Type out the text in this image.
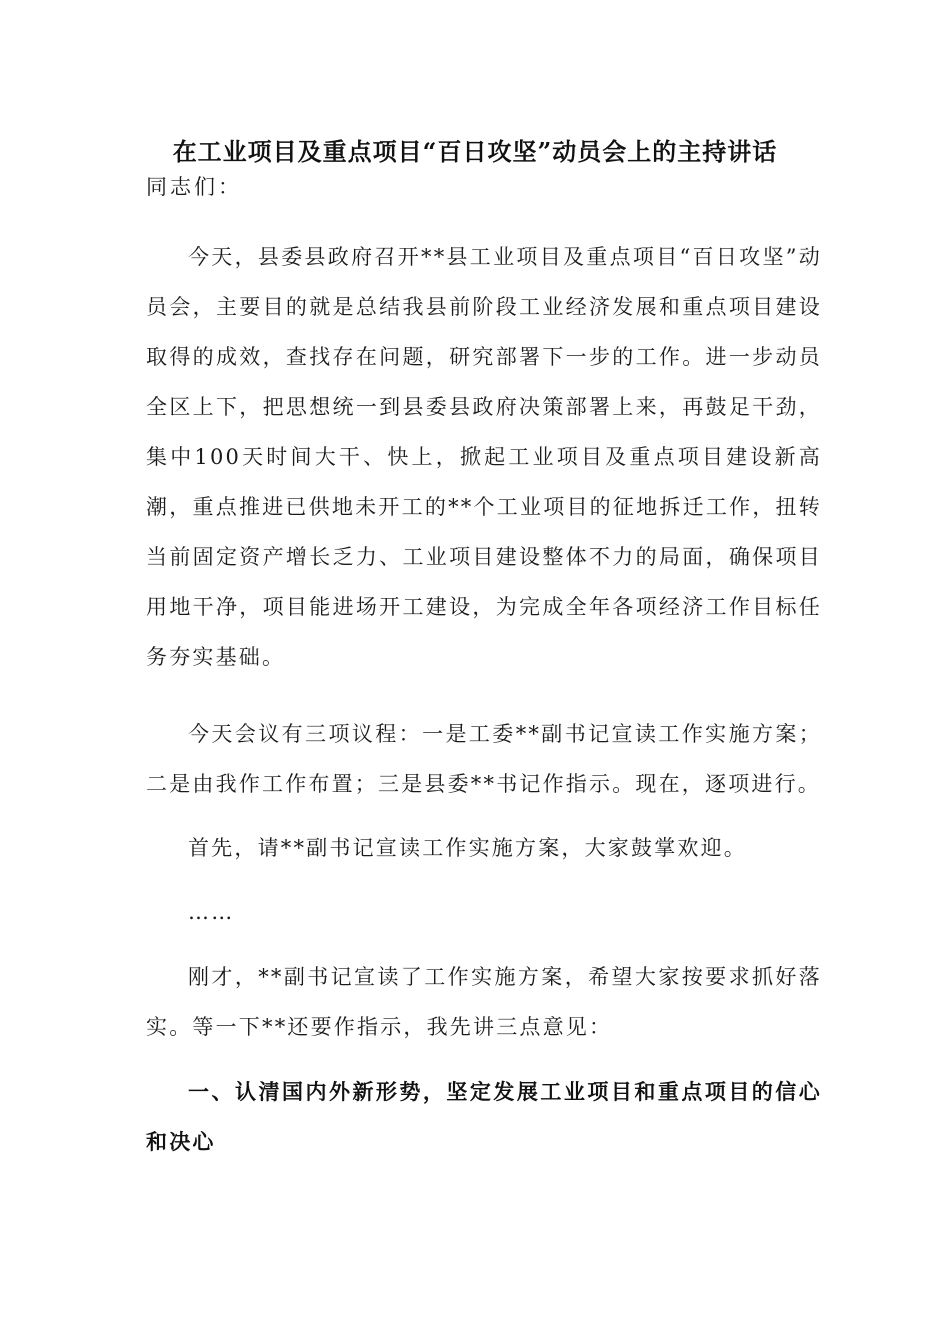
在工业项目及重点项目“百日攻坚”动员会上的主持讲话
同志们：
今天，县委县政府召开**县工业项目及重点项目“百日攻坚”动员会，主要目的就是总结我县前阶段工业经济发展和重点项目建设取得的成效，查找存在问题，研究部署下一步的工作。进一步动员全区上下，把思想统一到县委县政府决策部署上来，再鼓足干劲，集中100天时间大干、快上，掀起工业项目及重点项目建设新高潮，重点推进已供地未开工的**个工业项目的征地拆迁工作，扭转当前固定资产增长乏力、工业项目建设整体不力的局面，确保项目用地干净，项目能进场开工建设，为完成全年各项经济工作目标任务夯实基础。
今天会议有三项议程：一是工委**副书记宣读工作实施方案；二是由我作工作布置；三是县委**书记作指示。现在，逐项进行。
首先，请**副书记宣读工作实施方案，大家鼓掌欢迎。
……
刚才，**副书记宣读了工作实施方案，希望大家按要求抓好落实。等一下**还要作指示，我先讲三点意见：
一、认清国内外新形势，坚定发展工业项目和重点项目的信心和决心
